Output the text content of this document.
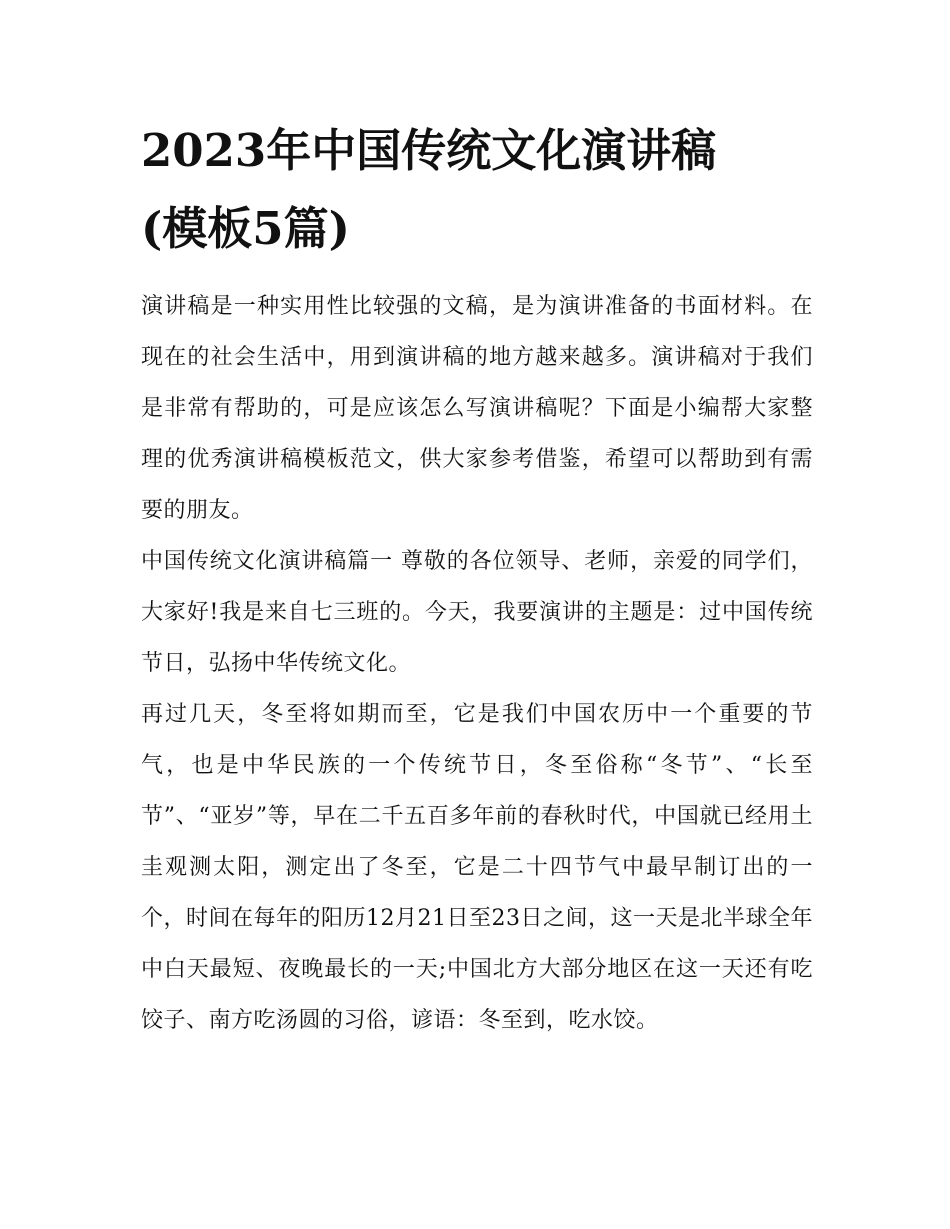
2023年中国传统文化演讲稿
(模板5篇)

演讲稿是一种实用性比较强的文稿，是为演讲准备的书面材料。在现在的社会生活中，用到演讲稿的地方越来越多。演讲稿对于我们是非常有帮助的，可是应该怎么写演讲稿呢？下面是小编帮大家整理的优秀演讲稿模板范文，供大家参考借鉴，希望可以帮助到有需要的朋友。

中国传统文化演讲稿篇一 尊敬的各位领导、老师，亲爱的同学们，大家好!我是来自七三班的。今天，我要演讲的主题是：过中国传统节日，弘扬中华传统文化。

再过几天，冬至将如期而至，它是我们中国农历中一个重要的节气，也是中华民族的一个传统节日，冬至俗称“冬节”、“长至节”、“亚岁”等，早在二千五百多年前的春秋时代，中国就已经用土圭观测太阳，测定出了冬至，它是二十四节气中最早制订出的一个，时间在每年的阳历12月21日至23日之间，这一天是北半球全年中白天最短、夜晚最长的一天;中国北方大部分地区在这一天还有吃饺子、南方吃汤圆的习俗，谚语：冬至到，吃水饺。
